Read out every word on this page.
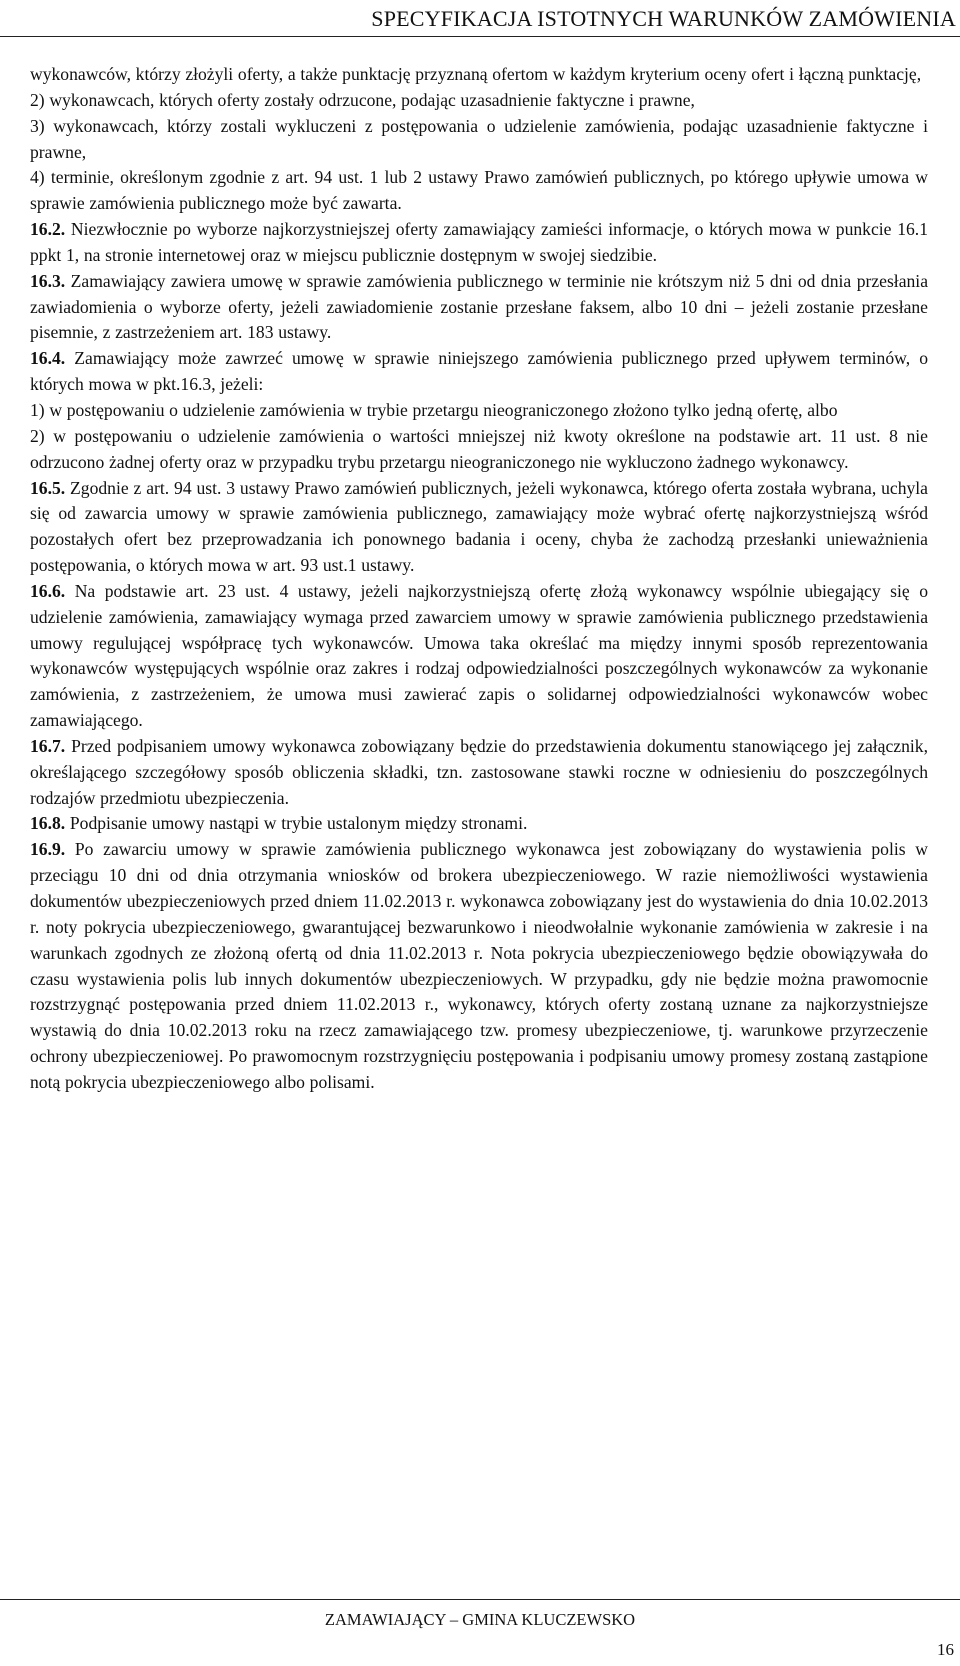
SPECYFIKACJA ISTOTNYCH WARUNKÓW ZAMÓWIENIA

wykonawców, którzy złożyli oferty, a także punktację przyznaną ofertom w każdym kryterium oceny ofert i łączną punktację,

2) wykonawcach, których oferty zostały odrzucone, podając uzasadnienie faktyczne i prawne,

3) wykonawcach, którzy zostali wykluczeni z postępowania o udzielenie zamówienia, podając uzasadnienie faktyczne i prawne,

4) terminie, określonym zgodnie z art. 94 ust. 1 lub 2 ustawy Prawo zamówień publicznych, po którego upływie umowa w sprawie zamówienia publicznego może być zawarta.

16.2. Niezwłocznie po wyborze najkorzystniejszej oferty zamawiający zamieści informacje, o których mowa w punkcie 16.1 ppkt 1, na stronie internetowej oraz w miejscu publicznie dostępnym w swojej siedzibie.

16.3. Zamawiający zawiera umowę w sprawie zamówienia publicznego w terminie nie krótszym niż 5 dni od dnia przesłania zawiadomienia o wyborze oferty, jeżeli zawiadomienie zostanie przesłane faksem, albo 10 dni – jeżeli zostanie przesłane pisemnie, z zastrzeżeniem art. 183 ustawy.

16.4. Zamawiający może zawrzeć umowę w sprawie niniejszego zamówienia publicznego przed upływem terminów, o których mowa w pkt.16.3, jeżeli:

1) w postępowaniu o udzielenie zamówienia w trybie przetargu nieograniczonego złożono tylko jedną ofertę, albo

2) w postępowaniu o udzielenie zamówienia o wartości mniejszej niż kwoty określone na podstawie art. 11 ust. 8 nie odrzucono żadnej oferty oraz w przypadku trybu przetargu nieograniczonego nie wykluczono żadnego wykonawcy.

16.5. Zgodnie z art. 94 ust. 3 ustawy Prawo zamówień publicznych, jeżeli wykonawca, którego oferta została wybrana, uchyla się od zawarcia umowy w sprawie zamówienia publicznego, zamawiający może wybrać ofertę najkorzystniejszą wśród pozostałych ofert bez przeprowadzania ich ponownego badania i oceny, chyba że zachodzą przesłanki unieważnienia postępowania, o których mowa w art. 93 ust.1 ustawy.

16.6. Na podstawie art. 23 ust. 4 ustawy, jeżeli najkorzystniejszą ofertę złożą wykonawcy wspólnie ubiegający się o udzielenie zamówienia, zamawiający wymaga przed zawarciem umowy w sprawie zamówienia publicznego przedstawienia umowy regulującej współpracę tych wykonawców. Umowa taka określać ma między innymi sposób reprezentowania wykonawców występujących wspólnie oraz zakres i rodzaj odpowiedzialności poszczególnych wykonawców za wykonanie zamówienia, z zastrzeżeniem, że umowa musi zawierać zapis o solidarnej odpowiedzialności wykonawców wobec zamawiającego.

16.7. Przed podpisaniem umowy wykonawca zobowiązany będzie do przedstawienia dokumentu stanowiącego jej załącznik, określającego szczegółowy sposób obliczenia składki, tzn. zastosowane stawki roczne w odniesieniu do poszczególnych rodzajów przedmiotu ubezpieczenia.

16.8. Podpisanie umowy nastąpi w trybie ustalonym między stronami.

16.9. Po zawarciu umowy w sprawie zamówienia publicznego wykonawca jest zobowiązany do wystawienia polis w przeciągu 10 dni od dnia otrzymania wniosków od brokera ubezpieczeniowego. W razie niemożliwości wystawienia dokumentów ubezpieczeniowych przed dniem 11.02.2013 r. wykonawca zobowiązany jest do wystawienia do dnia 10.02.2013 r. noty pokrycia ubezpieczeniowego, gwarantującej bezwarunkowo i nieodwołalnie wykonanie zamówienia w zakresie i na warunkach zgodnych ze złożoną ofertą od dnia 11.02.2013 r. Nota pokrycia ubezpieczeniowego będzie obowiązywała do czasu wystawienia polis lub innych dokumentów ubezpieczeniowych. W przypadku, gdy nie będzie można prawomocnie rozstrzygnąć postępowania przed dniem 11.02.2013 r., wykonawcy, których oferty zostaną uznane za najkorzystniejsze wystawią do dnia 10.02.2013 roku na rzecz zamawiającego tzw. promesy ubezpieczeniowe, tj. warunkowe przyrzeczenie ochrony ubezpieczeniowej. Po prawomocnym rozstrzygnięciu postępowania i podpisaniu umowy promesy zostaną zastąpione notą pokrycia ubezpieczeniowego albo polisami.

ZAMAWIAJĄCY – GMINA KLUCZEWSKO
16
